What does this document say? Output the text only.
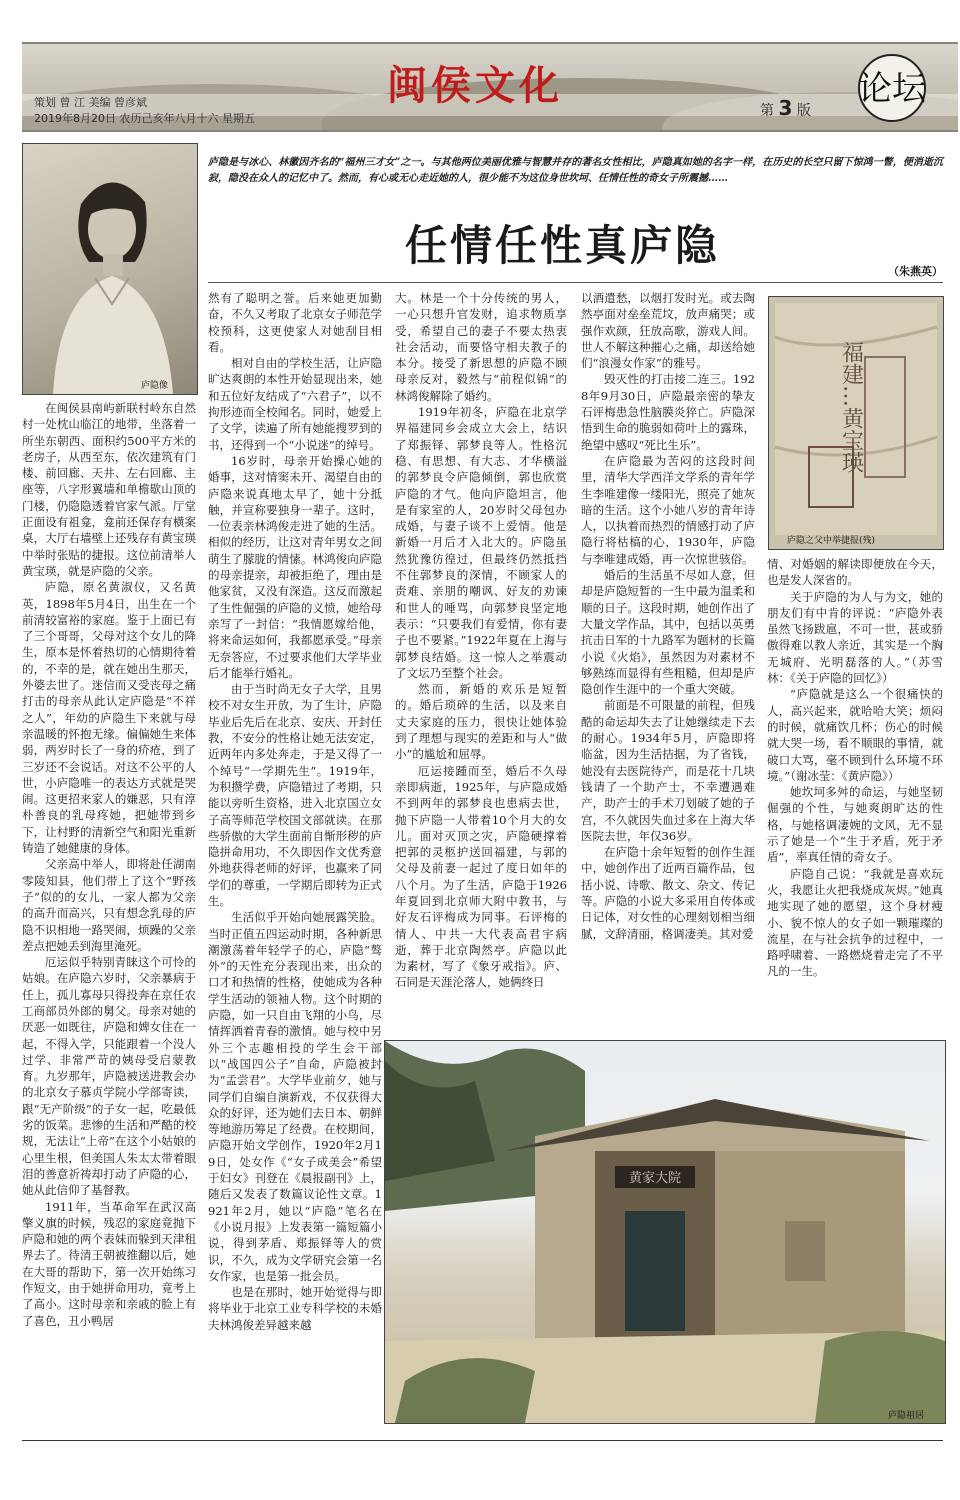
闽侯文化
策划 曾 江 美编 曾彦斌
2019年8月20日 农历己亥年八月十六 星期五	第 3 版
论坛
庐隐是与冰心、林徽因齐名的“福州三才女”之一。与其他两位美丽优雅与智慧并存的著名女性相比，庐隐真如她的名字一样，在历史的长空只留下惊鸿一瞥，便消逝沉寂，隐没在众人的记忆中了。然而，有心或无心走近她的人，很少能不为这位身世坎坷、任情任性的奇女子所震撼……
任情任性真庐隐
（朱燕英）
庐隐像	福建…黄宝瑛
庐隐之父中举捷报(残)
黄家大院
庐隐祖居

在闽侯县南屿新联村岭东自然村一处枕山临江的地带，坐落着一所坐东朝西、面积约500平方米的老房子，从西至东，依次建筑有门楼、前回廊、天井、左右回廊、主座等，八字形翼墙和单檐歇山顶的门楼，仍隐隐透着官家气派。厅堂正面设有祖龛，龛前还保存有横案桌，大厅右墙壁上还残存有黄宝瑛中举时张贴的捷报。这位前清举人黄宝瑛，就是庐隐的父亲。

庐隐，原名黄淑仪，又名黄英，1898年5月4日，出生在一个前清较富裕的家庭。鉴于上面已有了三个哥哥，父母对这个女儿的降生，原本是怀着热切的心情期待着的，不幸的是，就在她出生那天，外婆去世了。迷信而又受丧母之痛打击的母亲从此认定庐隐是“不祥之人”，年幼的庐隐生下来就与母亲温暖的怀抱无缘。偏偏她生来体弱，两岁时长了一身的疥疮，到了三岁还不会说话。对这不公平的人世，小庐隐唯一的表达方式就是哭闹。这更招来家人的嫌恶，只有淳朴善良的乳母疼她，把她带到乡下，让村野的清新空气和阳光重新铸造了她健康的身体。

父亲高中举人，即将赴任湖南零陵知县，他们带上了这个“野孩子”似的的女儿，一家人都为父亲的高升而高兴，只有想念乳母的庐隐不识相地一路哭闹，烦躁的父亲差点把她丢到海里淹死。

厄运似乎特别青睐这个可怜的姑娘。在庐隐六岁时，父亲暴病于任上，孤儿寡母只得投奔在京任农工商部员外郎的舅父。母亲对她的厌恶一如既往，庐隐和婢女住在一起，不得入学，只能跟着一个没人过学、非常严苛的姨母受启蒙教育。九岁那年，庐隐被送进教会办的北京女子慕贞学院小学部寄读，跟“无产阶级”的子女一起，吃最低劣的饭菜。悲惨的生活和严酷的校规，无法让“上帝”在这个小姑娘的心里生根，但美国人朱太太带着眼泪的善意祈祷却打动了庐隐的心，她从此信仰了基督教。

1911年，当革命军在武汉高擎义旗的时候，残忍的家庭竟抛下庐隐和她的两个表妹而躲到天津租界去了。待清王朝被推翻以后，她在大哥的帮助下，第一次开始练习作短文，由于她拼命用功，竟考上了高小。这时母亲和亲戚的脸上有了喜色，丑小鸭居

然有了聪明之誉。后来她更加勤奋，不久又考取了北京女子师范学校预科，这更使家人对她刮目相看。

相对自由的学校生活，让庐隐旷达爽朗的本性开始显现出来，她和五位好友结成了“六君子”，以不拘形迹而全校闻名。同时，她爱上了文学，读遍了所有她能搜罗到的书，还得到一个“小说迷”的绰号。

16岁时，母亲开始操心她的婚事，这对情窦未开、渴望自由的庐隐来说真地太早了，她十分抵触，并宣称要独身一辈子。这时，一位表亲林鸿俊走进了她的生活。相似的经历，让这对青年男女之间萌生了朦胧的情愫。林鸿俊向庐隐的母亲提亲，却被拒绝了，理由是他家贫，又没有深造。这反而激起了生性倔强的庐隐的义愤，她给母亲写了一封信：“我情愿嫁给他，将来命运如何，我都愿承受。”母亲无奈答应，不过要求他们大学毕业后才能举行婚礼。

由于当时尚无女子大学，且男校不对女生开放，为了生计，庐隐毕业后先后在北京、安庆、开封任教，不安分的性格让她无法安定，近两年内多处奔走，于是又得了一个绰号“一学期先生”。1919年，为积攒学费，庐隐错过了考期，只能以旁听生资格，进入北京国立女子高等师范学校国文部就读。在那些骄傲的大学生面前自惭形秽的庐隐拼命用功，不久即因作文优秀意外地获得老师的好评，也赢来了同学们的尊重，一学期后即转为正式生。

生活似乎开始向她展露笑脸。当时正值五四运动时期，各种新思潮激荡着年轻学子的心，庐隐“骜外”的天性充分表现出来，出众的口才和热情的性格，使她成为各种学生活动的领袖人物。这个时期的庐隐，如一只自由飞翔的小鸟，尽情挥洒着青春的激情。她与校中另外三个志趣相投的学生会干部以“战国四公子”自命，庐隐被封为“孟尝君”。大学毕业前夕，她与同学们自编自演新戏，不仅获得大众的好评，还为她们去日本、朝鲜等地游历筹足了经费。在校期间，庐隐开始文学创作，1920年2月19日，处女作《“女子成美会”希望于妇女》刊登在《晨报副刊》上，随后又发表了数篇议论性文章。1921年2月，她以“庐隐”笔名在《小说月报》上发表第一篇短篇小说，得到茅盾、郑振铎等人的赏识，不久，成为文学研究会第一名女作家，也是第一批会员。

也是在那时，她开始觉得与即将毕业于北京工业专科学校的未婚夫林鸿俊差异越来越

大。林是一个十分传统的男人，一心只想升官发财，追求物质享受，希望自己的妻子不要太热衷社会活动，而要恪守相夫教子的本分。接受了新思想的庐隐不顾母亲反对，毅然与“前程似锦”的林鸿俊解除了婚约。

1919年初冬，庐隐在北京学界福建同乡会成立大会上，结识了郑振铎、郭梦良等人。性格沉稳、有思想、有大志、才华横溢的郭梦良令庐隐倾倒，郭也欣赏庐隐的才气。他向庐隐坦言，他是有家室的人，20岁时父母包办成婚，与妻子谈不上爱情。他是新婚一月后才入北大的。庐隐虽然犹豫彷徨过，但最终仍然抵挡不住郭梦良的深情，不顾家人的责难、亲朋的嘲讽、好友的劝谏和世人的唾骂，向郭梦良坚定地表示：“只要我们有爱情，你有妻子也不要紧。”1922年夏在上海与郭梦良结婚。这一惊人之举震动了文坛乃至整个社会。

然而，新婚的欢乐是短暂的。婚后琐碎的生活，以及来自丈夫家庭的压力，很快让她体验到了理想与现实的差距和与人“做小”的尴尬和屈辱。

厄运接踵而至，婚后不久母亲即病逝，1925年，与庐隐成婚不到两年的郭梦良也患病去世，抛下庐隐一人带着10个月大的女儿。面对灭顶之灾，庐隐硬撑着把郭的灵柩护送回福建，与郭的父母及前妻一起过了度日如年的八个月。为了生活，庐隐于1926年夏回到北京师大附中教书，与好友石评梅成为同事。石评梅的情人、中共一大代表高君宇病逝，葬于北京陶然亭。庐隐以此为素材，写了《象牙戒指》。庐、石同是天涯沦落人，她俩终日

以酒遣愁，以烟打发时光。或去陶然亭面对垒垒荒坟，放声痛哭；或强作欢颜，狂放高歌，游戏人间。世人不解这种摧心之痛，却送给她们“浪漫女作家”的雅号。

毁灭性的打击接二连三。1928年9月30日，庐隐最亲密的挚友石评梅患急性脑膜炎猝亡。庐隐深悟到生命的脆弱如荷叶上的露珠，绝望中感叹“死比生乐”。

在庐隐最为苦闷的这段时间里，清华大学西洋文学系的青年学生李唯建像一缕阳光，照亮了她灰暗的生活。这个小她八岁的青年诗人，以执着而热烈的情感打动了庐隐行将枯槁的心，1930年，庐隐与李唯建成婚，再一次惊世骇俗。

婚后的生活虽不尽如人意，但却是庐隐短暂的一生中最为温柔和顺的日子。这段时期，她创作出了大量文学作品，其中，包括以英勇抗击日军的十九路军为题材的长篇小说《火焰》，虽然因为对素材不够熟练而显得有些粗糙，但却是庐隐创作生涯中的一个重大突破。

前面是不可限量的前程，但残酷的命运却失去了让她继续走下去的耐心。1934年5月，庐隐即将临盆，因为生活拮据，为了省钱，她没有去医院待产，而是花十几块钱请了一个助产士，不幸遭遇难产，助产士的手术刀划破了她的子宫，不久就因失血过多在上海大华医院去世，年仅36岁。

在庐隐十余年短暂的创作生涯中，她创作出了近两百篇作品，包括小说、诗歌、散文、杂文、传记等。庐隐的小说大多采用自传体或日记体，对女性的心理刻划相当细腻，文辞清丽，格调凄美。其对爱

情、对婚姻的解读即便放在今天，也是发人深省的。

关于庐隐的为人与为文，她的朋友们有中肯的评说：“庐隐外表虽然飞扬跋扈，不可一世，甚或骄傲得难以教人亲近，其实是一个胸无城府、光明磊落的人。”（苏雪林：《关于庐隐的回忆》）

“庐隐就是这么一个很痛快的人，高兴起来，就哈哈大笑；烦闷的时候，就痛饮几杯；伤心的时候就大哭一场，看不顺眼的事情，就破口大骂，毫不顾到什么环境不环境。”（谢冰莹：《黄庐隐》）

她坎坷多舛的命运，与她坚韧倔强的个性，与她爽朗旷达的性格，与她格调凄婉的文风，无不显示了她是一个“生于矛盾，死于矛盾”，率真任情的奇女子。

庐隐自己说：“我就是喜欢玩火，我愿让火把我烧成灰烬。”她真地实现了她的愿望，这个身材瘦小、貌不惊人的女子如一颗璀璨的流星，在与社会抗争的过程中，一路呼啸着、一路燃烧着走完了不平凡的一生。
